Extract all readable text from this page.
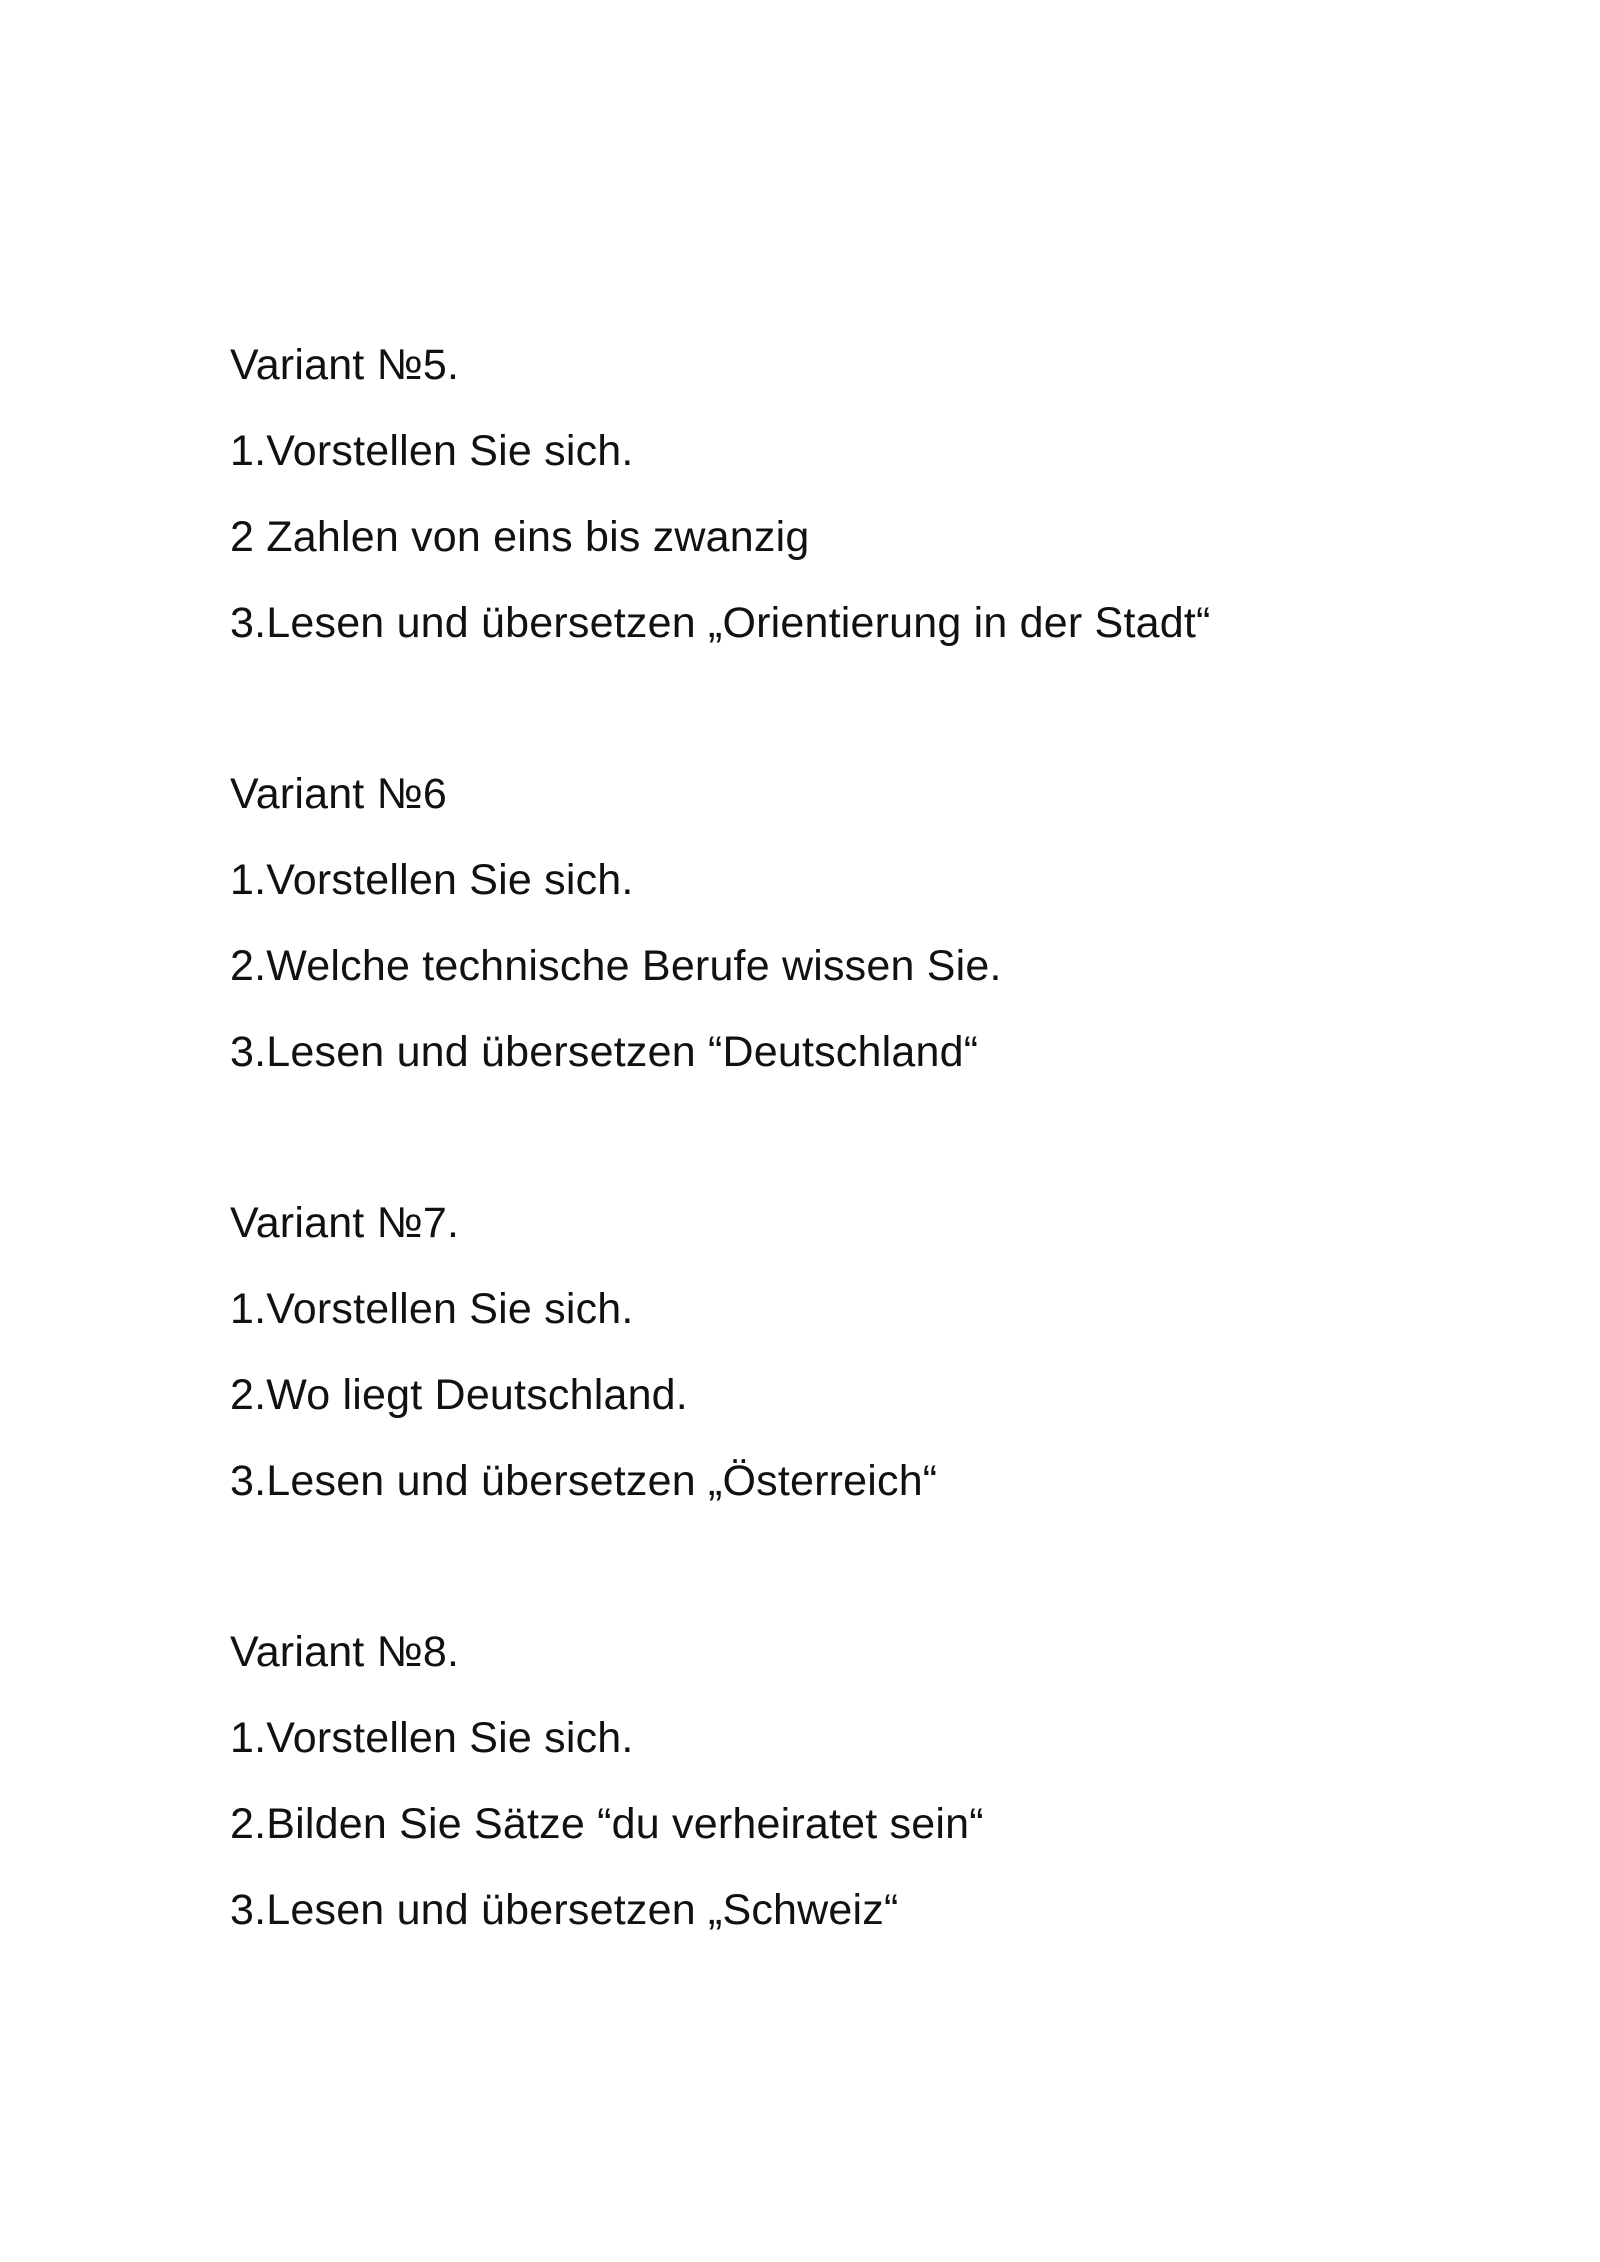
Variant №5.
1.Vorstellen Sie sich.
2 Zahlen von eins bis zwanzig
3.Lesen und übersetzen „Orientierung in der Stadt“
Variant №6
1.Vorstellen Sie sich.
2.Welche technische Berufe wissen Sie.
3.Lesen und übersetzen “Deutschland“
Variant №7.
1.Vorstellen Sie sich.
2.Wo liegt Deutschland.
3.Lesen und übersetzen „Österreich“
Variant №8.
1.Vorstellen Sie sich.
2.Bilden Sie Sätze “du verheiratet sein“
3.Lesen und übersetzen „Schweiz“
